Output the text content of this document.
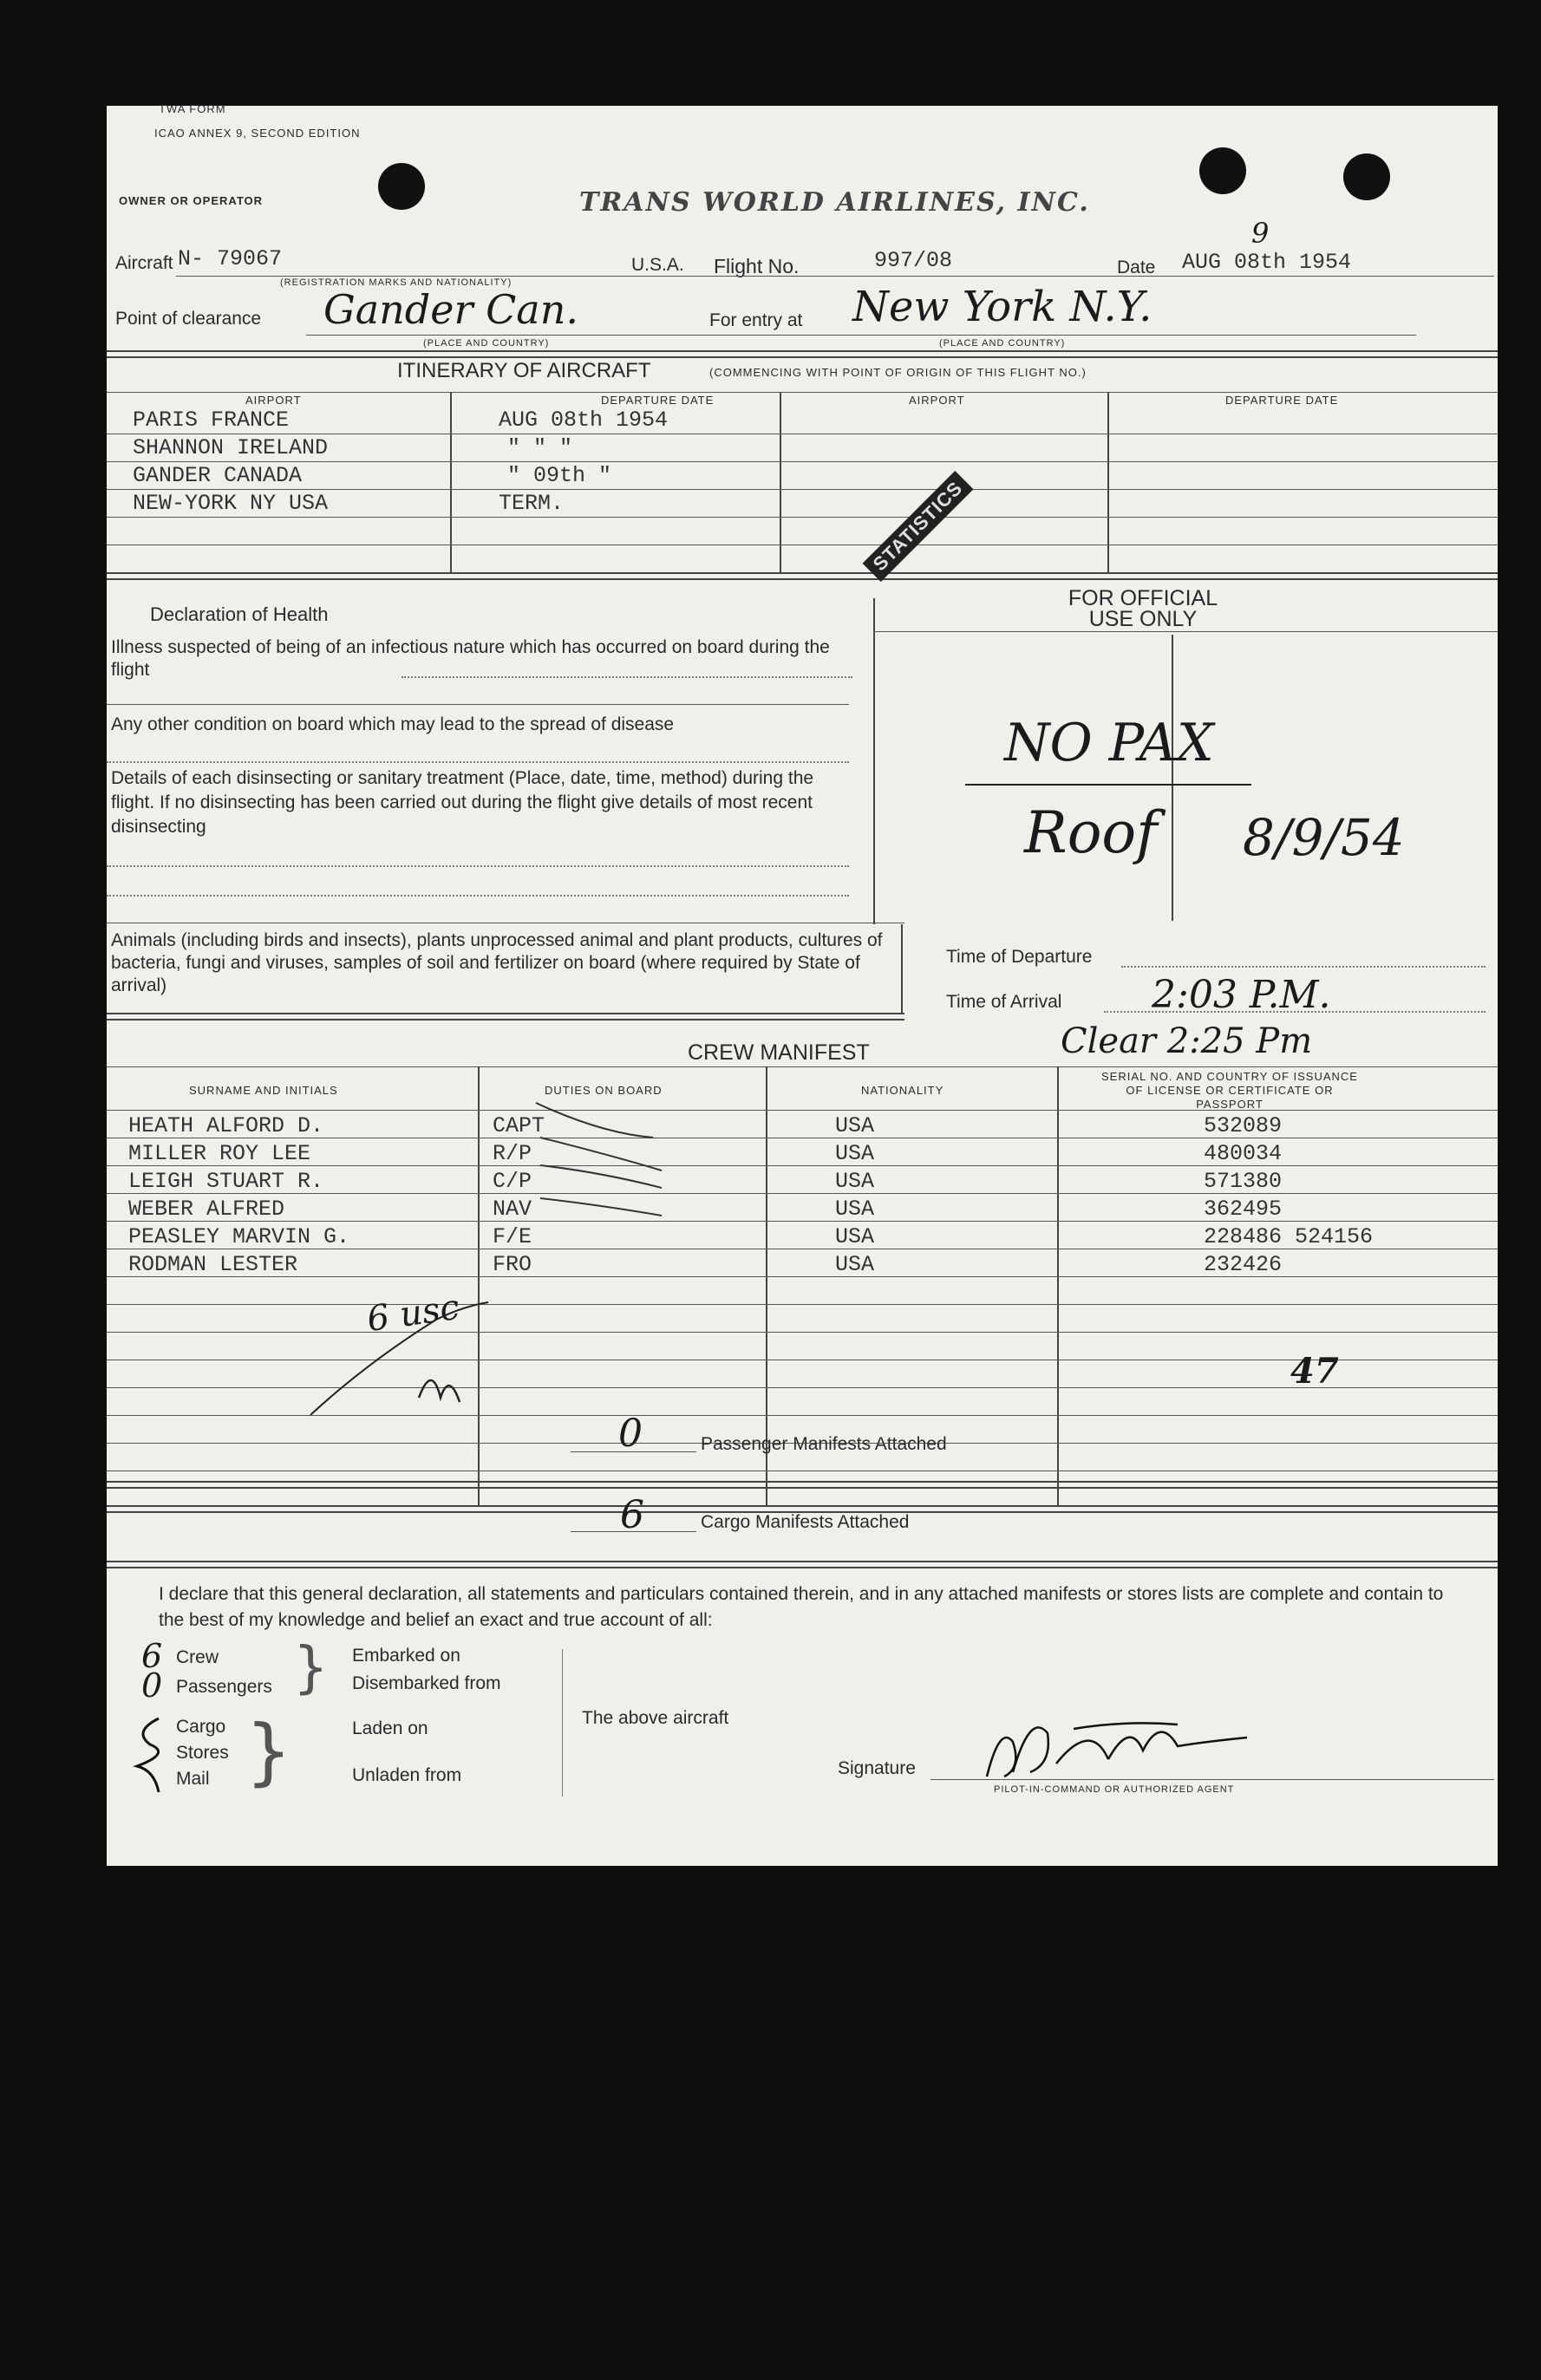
TWA FORM
ICAO ANNEX 9, SECOND EDITION
OWNER OR OPERATOR	TRANS WORLD AIRLINES, INC.
Aircraft N- 79067
(REGISTRATION MARKS AND NATIONALITY)
U.S.A. Flight No.	997/08	Date AUG 08th 1954
9
Point of clearance Gander Can.
(PLACE AND COUNTRY)
For entry at New York N.Y.
(PLACE AND COUNTRY)
ITINERARY OF AIRCRAFT	(COMMENCING WITH POINT OF ORIGIN OF THIS FLIGHT NO.)
AIRPORT	DEPARTURE DATE	AIRPORT	DEPARTURE DATE
PARIS FRANCE	AUG 08th 1954
SHANNON IRELAND	" " "
GANDER CANADA	" 09th "
NEW-YORK NY USA	TERM.	STATISTICS
Declaration of Health
Illness suspected of being of an infectious nature which has occurred on board during the flight
Any other condition on board which may lead to the spread of disease
Details of each disinsecting or sanitary treatment (Place, date, time, method) during the flight. If no disinsecting has been carried out during the flight give details of most recent disinsecting
Animals (including birds and insects), plants unprocessed animal and plant products, cultures of bacteria, fungi and viruses, samples of soil and fertilizer on board (where required by State of arrival)
FOR OFFICIAL USE ONLY
NO PAX
Roof 8/9/54
Time of Departure
Time of Arrival 2:03 P.M.
Clear 2:25 Pm
CREW MANIFEST
SURNAME AND INITIALS	DUTIES ON BOARD	NATIONALITY
SERIAL NO. AND COUNTRY OF ISSUANCE OF LICENSE OR CERTIFICATE OR PASSPORT
HEATH ALFORD D.	CAPT	USA	532089
MILLER ROY LEE	R/P	USA	480034
LEIGH STUART R.	C/P	USA	571380
WEBER ALFRED	NAV	USA	362495
PEASLEY MARVIN G.	F/E	USA	228486 524156
RODMAN LESTER	FRO	USA	232426
6 usc
47
0	Passenger Manifests Attached
6	Cargo Manifests Attached
I declare that this general declaration, all statements and particulars contained therein, and in any attached manifests or stores lists are complete and contain to the best of my knowledge and belief an exact and true account of all:
6 Crew
0 Passengers } Embarked on
Disembarked from
Cargo
Stores
Mail }	Laden on
Unladen from
The above aircraft
Signature
PILOT-IN-COMMAND OR AUTHORIZED AGENT
